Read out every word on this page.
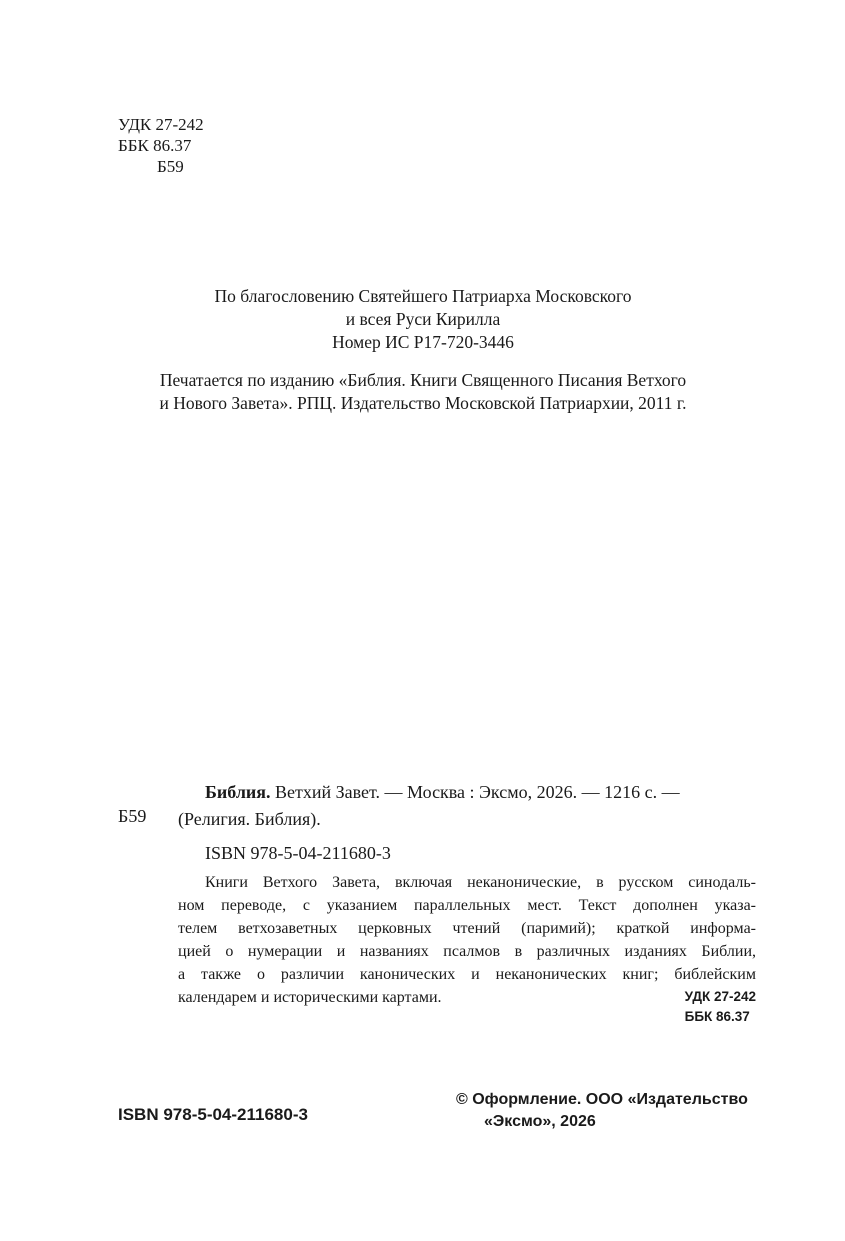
УДК 27-242
ББК 86.37
Б59
По благословению Святейшего Патриарха Московского
и всея Руси Кирилла
Номер ИС Р17-720-3446
Печатается по изданию «Библия. Книги Священного Писания Ветхого
и Нового Завета». РПЦ. Издательство Московской Патриархии, 2011 г.
Б59
Библия. Ветхий Завет. — Москва : Эксмо, 2026. — 1216 с. —
(Религия. Библия).
ISBN 978-5-04-211680-3
Книги Ветхого Завета, включая неканонические, в русском синодаль-
ном переводе, с указанием параллельных мест. Текст дополнен указа-
телем ветхозаветных церковных чтений (паримий); краткой информа-
цией о нумерации и названиях псалмов в различных изданиях Библии,
а также о различии канонических и неканонических книг; библейским
календарем и историческими картами.	УДК 27-242
ББК 86.37
ISBN 978-5-04-211680-3
© Оформление. ООО «Издательство
«Эксмо», 2026
